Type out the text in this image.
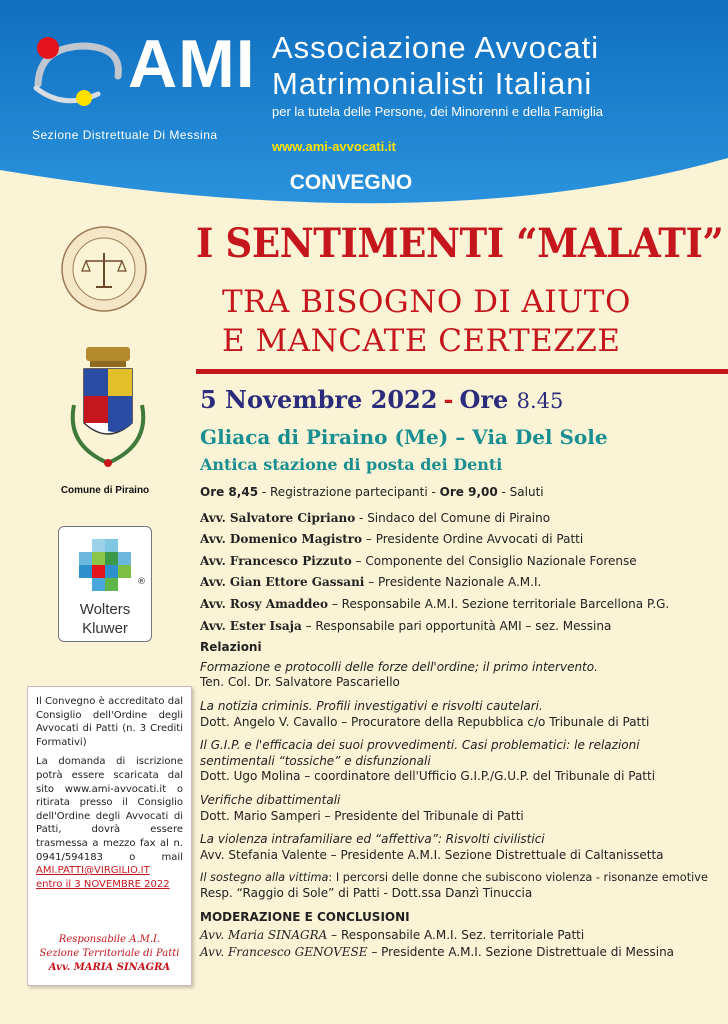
AMI Associazione Avvocati
Matrimonialisti Italiani
per la tutela delle Persone, dei Minorenni e della Famiglia
Sezione Distrettuale Di Messina
www.ami-avvocati.it
CONVEGNO
I SENTIMENTI “MALATI”
TRA BISOGNO DI AIUTO
E MANCATE CERTEZZE
5 Novembre 2022 - Ore 8.45
Gliaca di Piraino (Me) – Via Del Sole
Antica stazione di posta dei Denti
Ore 8,45 - Registrazione partecipanti - Ore 9,00 - Saluti
Avv. Salvatore Cipriano - Sindaco del Comune di Piraino
Avv. Domenico Magistro – Presidente Ordine Avvocati di Patti
Avv. Francesco Pizzuto – Componente del Consiglio Nazionale Forense
Avv. Gian Ettore Gassani – Presidente Nazionale A.M.I.
Avv. Rosy Amaddeo – Responsabile A.M.I. Sezione territoriale Barcellona P.G.
Avv. Ester Isaja – Responsabile pari opportunità AMI – sez. Messina
Relazioni
Formazione e protocolli delle forze dell'ordine; il primo intervento.
Ten. Col. Dr. Salvatore Pascariello
La notizia criminis. Profili investigativi e risvolti cautelari.
Dott. Angelo V. Cavallo – Procuratore della Repubblica c/o Tribunale di Patti
Il G.I.P. e l'efficacia dei suoi provvedimenti. Casi problematici: le relazioni
sentimentali “tossiche” e disfunzionali
Dott. Ugo Molina – coordinatore dell'Ufficio G.I.P./G.U.P. del Tribunale di Patti
Verifiche dibattimentali
Dott. Mario Samperi – Presidente del Tribunale di Patti
La violenza intrafamiliare ed “affettiva”: Risvolti civilistici
Avv. Stefania Valente – Presidente A.M.I. Sezione Distrettuale di Caltanissetta
Il sostegno alla vittima: I percorsi delle donne che subiscono violenza - risonanze emotive
Resp. “Raggio di Sole” di Patti - Dott.ssa Danzì Tinuccia
MODERAZIONE E CONCLUSIONI
Avv. Maria SINAGRA – Responsabile A.M.I. Sez. territoriale Patti
Avv. Francesco GENOVESE – Presidente A.M.I. Sezione Distrettuale di Messina
Comune di Piraino
®
Wolters
Kluwer

Il Convegno è accreditato dal Consiglio dell'Ordine degli Avvocati di Patti (n. 3 Crediti Formativi)

La domanda di iscrizione potrà essere scaricata dal sito www.ami-avvocati.it o ritirata presso il Consiglio dell'Ordine degli Avvocati di Patti, dovrà essere trasmessa a mezzo fax al n. 0941/594183 o mail

AMI.PATTI@VIRGILIO.IT
entro il 3 NOVEMBRE 2022
Responsabile A.M.I.
Sezione Territoriale di Patti
Avv. MARIA SINAGRA
